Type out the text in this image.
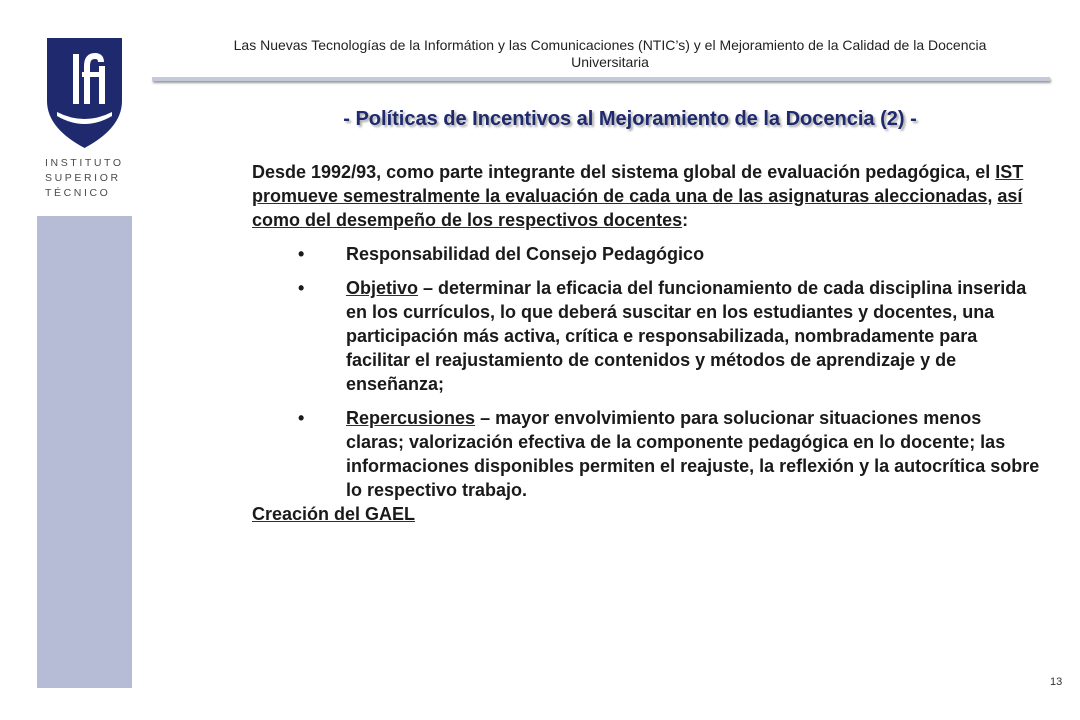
INSTITUTO
SUPERIOR
TÉCNICO
Las Nuevas Tecnologías de la Informátion y las Comunicaciones (NTIC’s) y el Mejoramiento de la Calidad de la Docencia
Universitaria
- Políticas de Incentivos al Mejoramiento de la Docencia (2) -

Desde 1992/93, como parte integrante del sistema global de evaluación pedagógica, el IST promueve semestralmente la evaluación de cada una de las asignaturas aleccionadas, así como del desempeño de los respectivos docentes:

• Responsabilidad del Consejo Pedagógico
• Objetivo – determinar la eficacia del funcionamiento de cada disciplina inserida en los currículos, lo que deberá suscitar en los estudiantes y docentes, una participación más activa, crítica e responsabilizada, nombradamente para facilitar el reajustamiento de contenidos y métodos de aprendizaje y de enseñanza;
• Repercusiones – mayor envolvimiento para solucionar situaciones menos claras; valorización efectiva de la componente pedagógica en lo docente; las informaciones disponibles permiten el reajuste, la reflexión y la autocrítica sobre lo respectivo trabajo.

Creación del GAEL

13
